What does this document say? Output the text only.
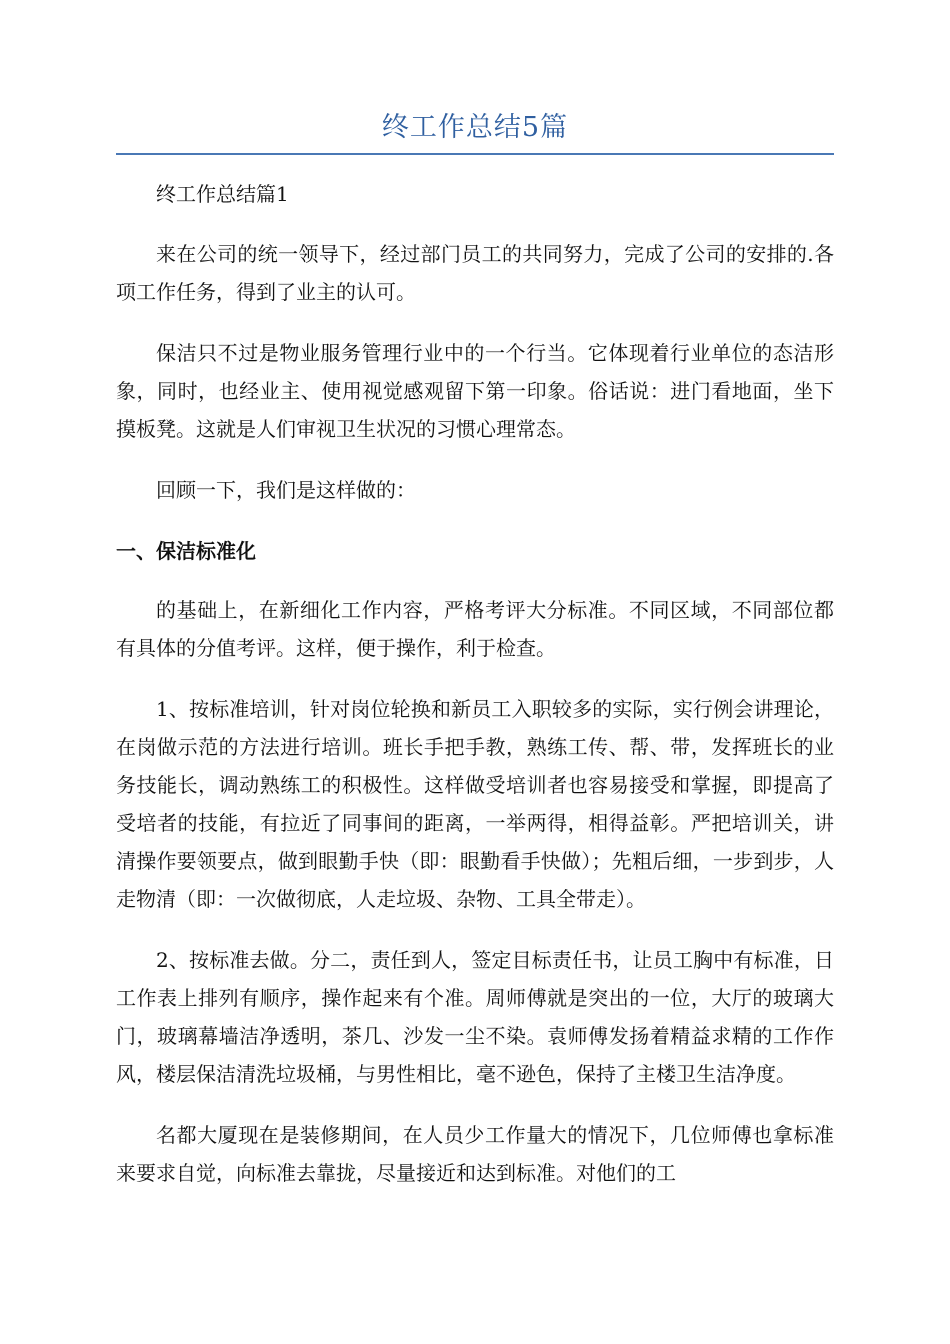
终工作总结5篇

终工作总结篇1

来在公司的统一领导下，经过部门员工的共同努力，完成了公司的安排的.各项工作任务，得到了业主的认可。

保洁只不过是物业服务管理行业中的一个行当。它体现着行业单位的态洁形象，同时，也经业主、使用视觉感观留下第一印象。俗话说：进门看地面，坐下摸板凳。这就是人们审视卫生状况的习惯心理常态。

回顾一下，我们是这样做的：

一、保洁标准化

的基础上，在新细化工作内容，严格考评大分标准。不同区域，不同部位都有具体的分值考评。这样，便于操作，利于检查。

1、按标准培训，针对岗位轮换和新员工入职较多的实际，实行例会讲理论，在岗做示范的方法进行培训。班长手把手教，熟练工传、帮、带，发挥班长的业务技能长，调动熟练工的积极性。这样做受培训者也容易接受和掌握，即提高了受培者的技能，有拉近了同事间的距离，一举两得，相得益彰。严把培训关，讲清操作要领要点，做到眼勤手快（即：眼勤看手快做）；先粗后细，一步到步，人走物清（即：一次做彻底，人走垃圾、杂物、工具全带走）。

2、按标准去做。分二，责任到人，签定目标责任书，让员工胸中有标准，日工作表上排列有顺序，操作起来有个准。周师傅就是突出的一位，大厅的玻璃大门，玻璃幕墙洁净透明，茶几、沙发一尘不染。袁师傅发扬着精益求精的工作作风，楼层保洁清洗垃圾桶，与男性相比，毫不逊色，保持了主楼卫生洁净度。

名都大厦现在是装修期间，在人员少工作量大的情况下，几位师傅也拿标准来要求自觉，向标准去靠拢，尽量接近和达到标准。对他们的工
